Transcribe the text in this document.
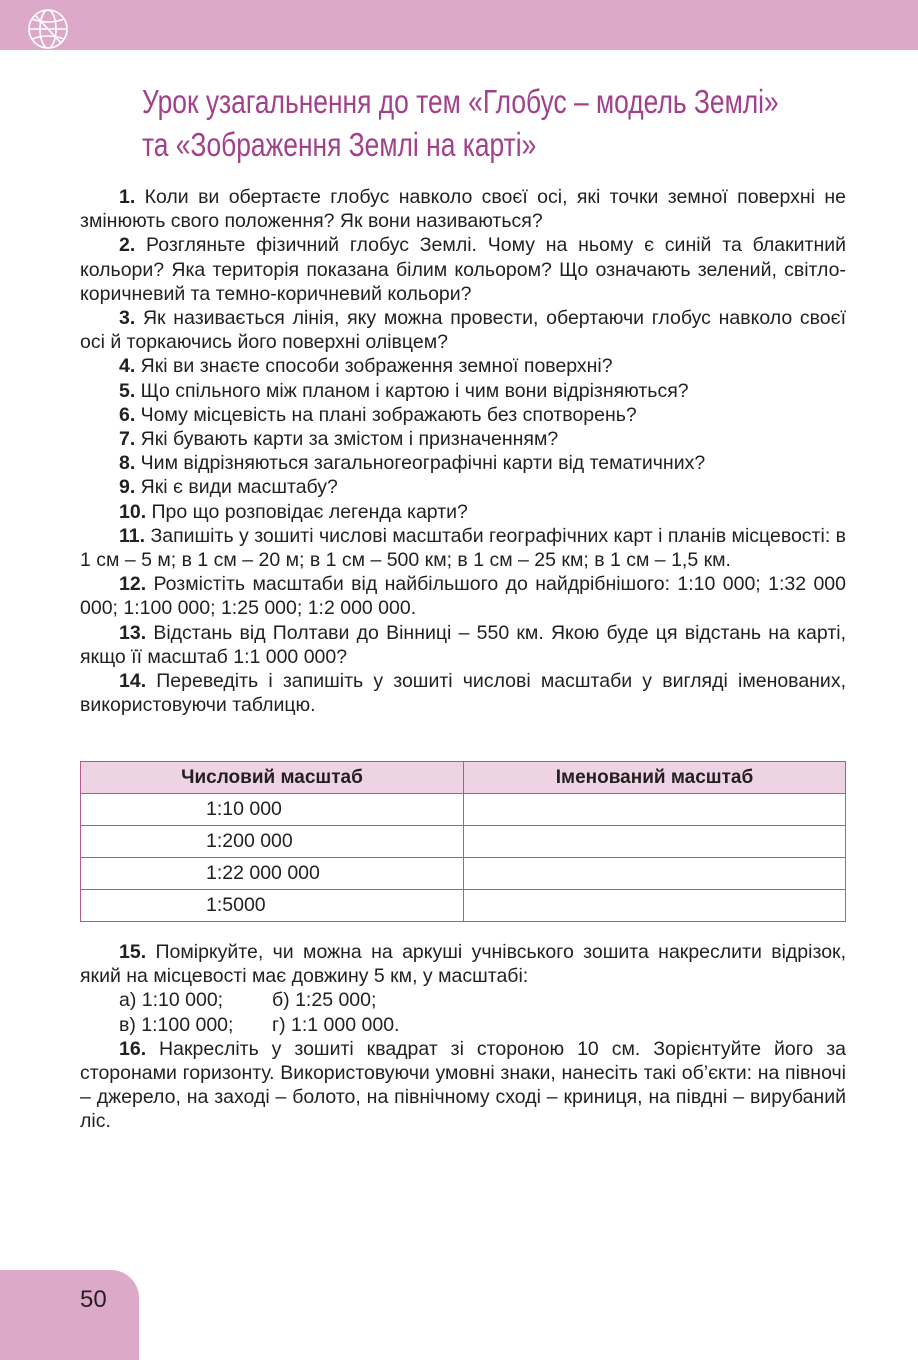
Урок узагальнення до тем «Глобус – модель Землі»
та «Зображення Землі на карті»

1. Коли ви обертаєте глобус навколо своєї осі, які точки земної поверхні не змінюють свого положення? Як вони називаються?

2. Розгляньте фізичний глобус Землі. Чому на ньому є синій та блакитний кольори? Яка територія показана білим кольором? Що означають зелений, світло-коричневий та темно-коричневий кольори?

3. Як називається лінія, яку можна провести, обертаючи глобус навколо своєї осі й торкаючись його поверхні олівцем?

4. Які ви знаєте способи зображення земної поверхні?

5. Що спільного між планом і картою і чим вони відрізняються?

6. Чому місцевість на плані зображають без спотворень?

7. Які бувають карти за змістом і призначенням?

8. Чим відрізняються загальногеографічні карти від тематичних?

9. Які є види масштабу?

10. Про що розповідає легенда карти?

11. Запишіть у зошиті числові масштаби географічних карт і планів місцевості: в 1 см – 5 м; в 1 см – 20 м; в 1 см – 500 км; в 1 см – 25 км; в 1 см – 1,5 км.

12. Розмістіть масштаби від найбільшого до найдрібнішого: 1:10 000; 1:32 000 000; 1:100 000; 1:25 000; 1:2 000 000.

13. Відстань від Полтави до Вінниці – 550 км. Якою буде ця відстань на карті, якщо її масштаб 1:1 000 000?

14. Переведіть і запишіть у зошиті числові масштаби у вигляді іменованих, використовуючи таблицю.

Числовий масштаб	Іменований масштаб
1:10 000	
1:200 000	
1:22 000 000	
1:5000	

15. Поміркуйте, чи можна на аркуші учнівського зошита накреслити відрізок, який на місцевості має довжину 5 км, у масштабі:

а) 1:10 000;	б) 1:25 000;

в) 1:100 000; г) 1:1 000 000.

16. Накресліть у зошиті квадрат зі стороною 10 см. Зорієнтуйте його за сторонами горизонту. Використовуючи умовні знаки, нанесіть такі об’єкти: на півночі – джерело, на заході – болото, на північному сході – криниця, на півдні – вирубаний ліс.

50
